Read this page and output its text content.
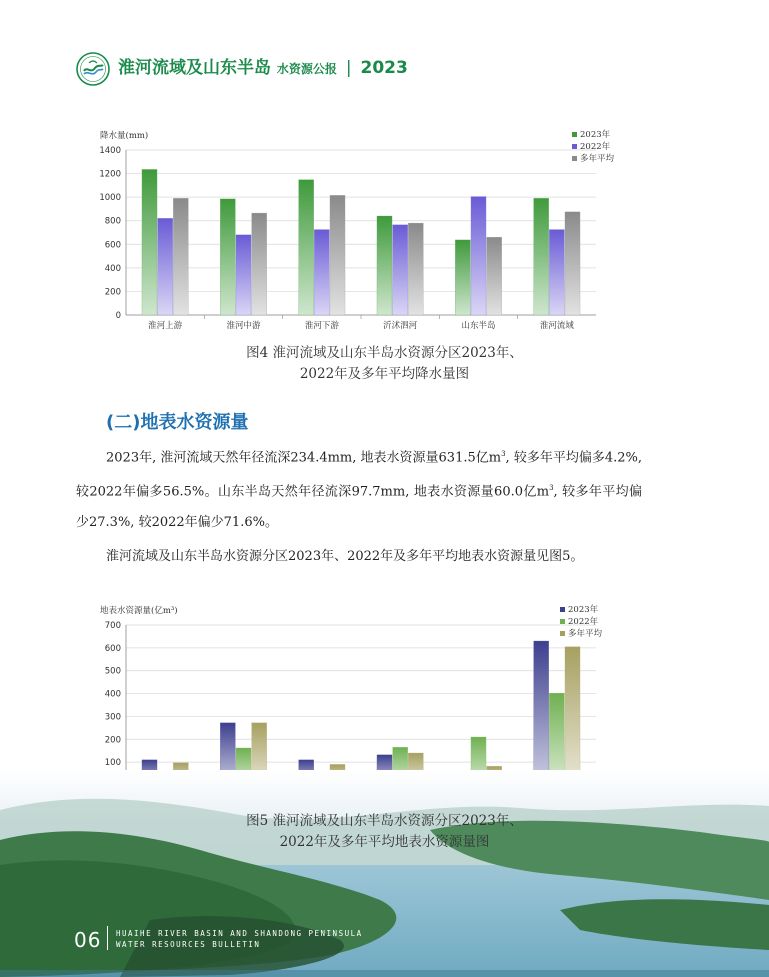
淮河流域及山东半岛 水资源公报 | 2023
降水量(mm)
0
200
400
600
800
1000
1200
1400
淮河上游	淮河中游	淮河下游	沂沭泗河	山东半岛	淮河流域
2023年
2022年
多年平均
图4 淮河流域及山东半岛水资源分区2023年、
2022年及多年平均降水量图
(二)地表水资源量

2023年, 淮河流域天然年径流深234.4mm, 地表水资源量631.5亿$m^3$, 较多年平均偏多4.2%, 较2022年偏多56.5%。山东半岛天然年径流深97.7mm, 地表水资源量60.0亿$m^3$, 较多年平均偏少27.3%, 较2022年偏少71.6%。

淮河流域及山东半岛水资源分区2023年、2022年及多年平均地表水资源量见图5。

地表水资源量(亿m³)
100
200
300
400
500
600
700
2023年
2022年
多年平均
06 HUAIHE RIVER BASIN AND SHANDONG PENINSULA
WATER RESOURCES BULLETIN
图5 淮河流域及山东半岛水资源分区2023年、
2022年及多年平均地表水资源量图
